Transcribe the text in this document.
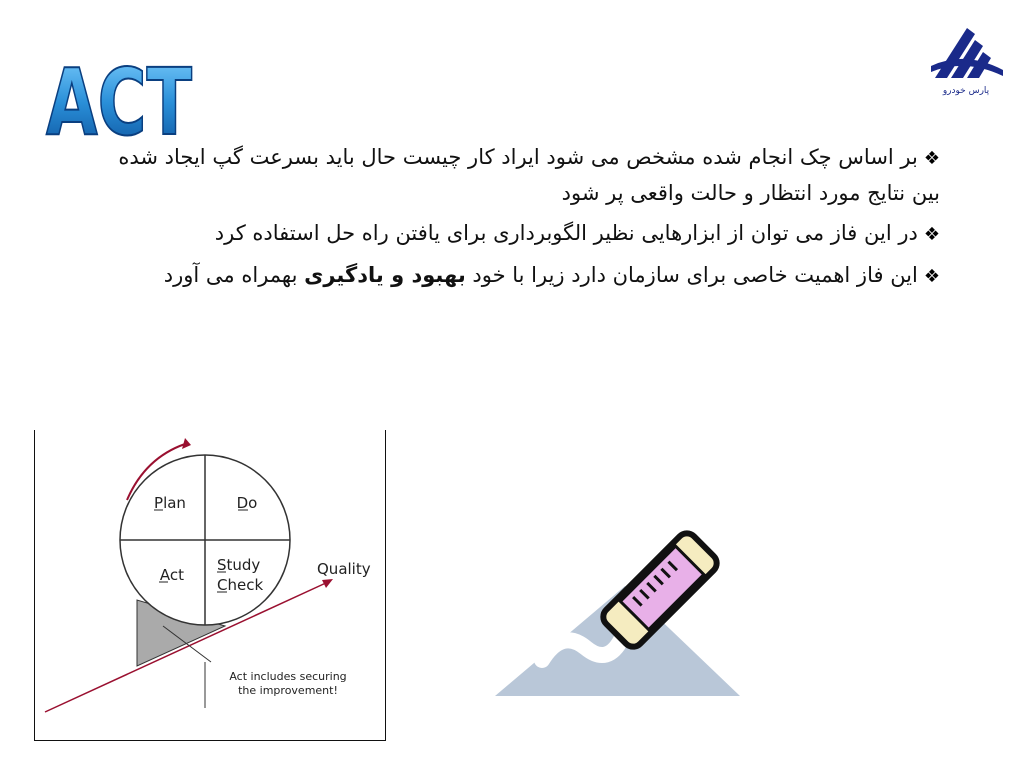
ACT	پارس خودرو

❖بر اساس چک انجام شده مشخص می شود ایراد کار چیست حال باید بسرعت گپ ایجاد شده بین نتایج مورد انتظار و حالت واقعی پر شود

❖در این فاز می توان از ابزارهایی نظیر الگوبرداری برای یافتن راه حل استفاده کرد

❖این فاز اهمیت خاصی برای سازمان دارد زیرا با خود بهبود و یادگیری بهمراه می آورد

Plan	Do
Act
Study
Check
Quality
Act includes securing
the improvement!
